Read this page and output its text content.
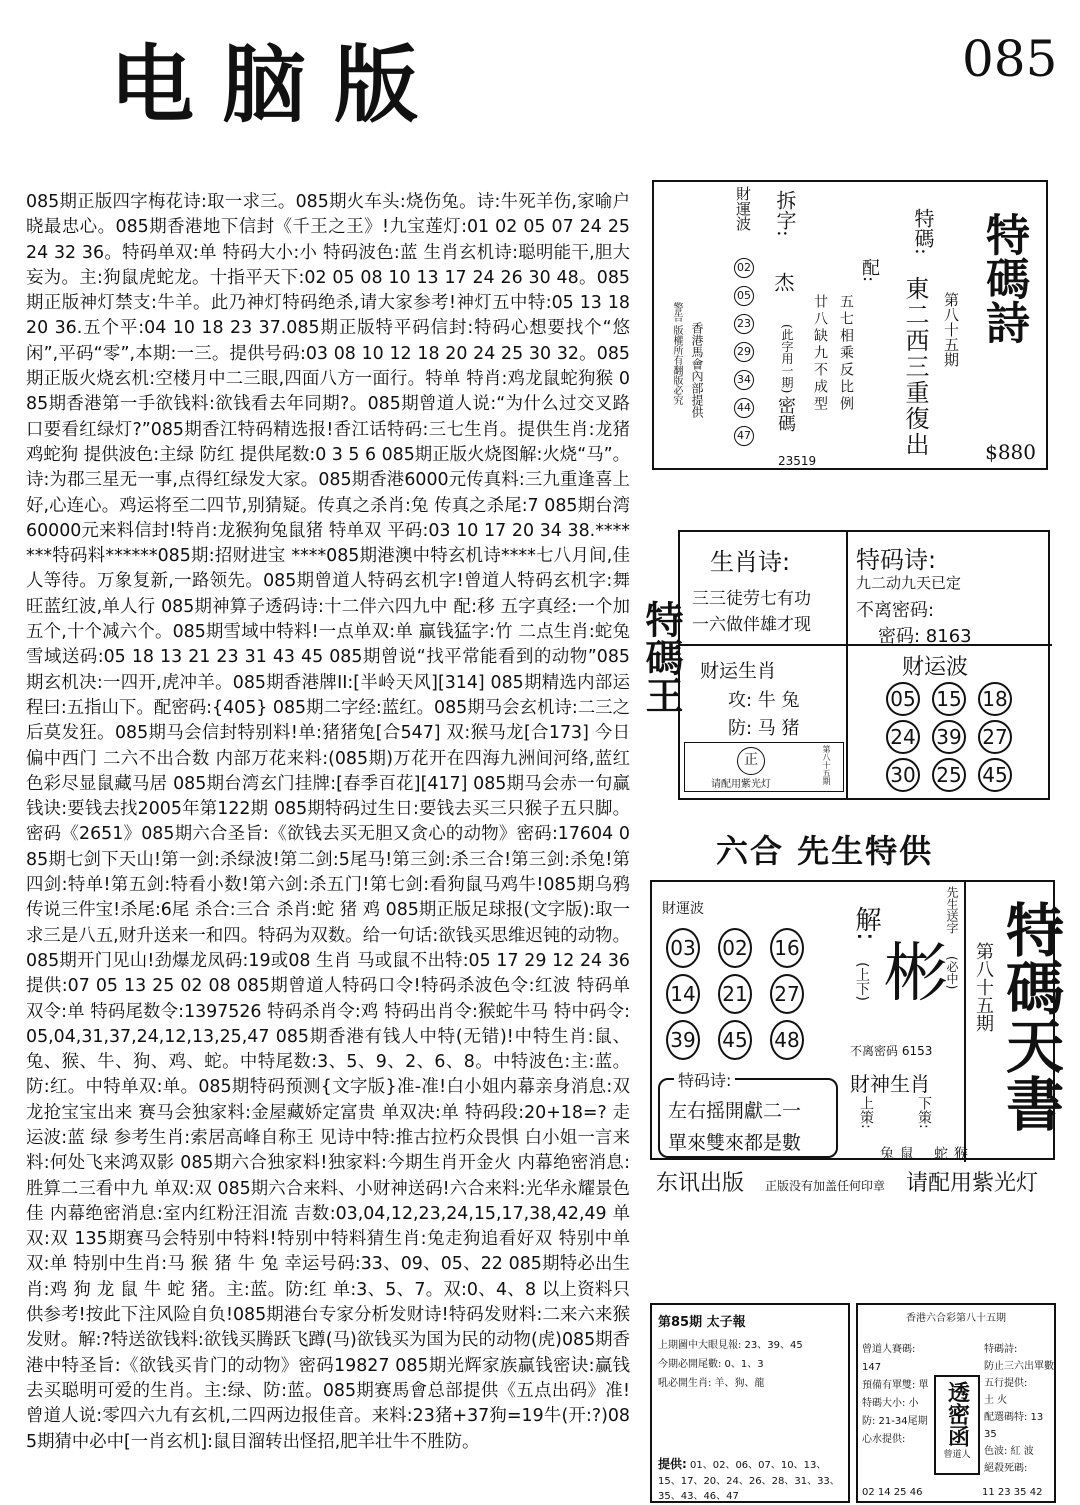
电脑版	085
085期正版四字梅花诗:取一求三。085期火车头:烧伤兔。诗:牛死羊伤,家喻户晓最忠心。085期香港地下信封《千王之王》!九宝莲灯:01 02 05 07 24 25 24 32 36。特码单双:单 特码大小:小 特码波色:蓝 生肖玄机诗:聪明能干,胆大妄为。主:狗鼠虎蛇龙。十指平天下:02 05 08 10 13 17 24 26 30 48。085期正版神灯禁支:牛羊。此乃神灯特码绝杀,请大家参考!神灯五中特:05 13 18 20 36.五个平:04 10 18 23 37.085期正版特平码信封:特码心想要找个“悠闲”,平码“零”,本期:一三。提供号码:03 08 10 12 18 20 24 25 30 32。085期正版火烧玄机:空楼月中二三眼,四面八方一面行。特单 特肖:鸡龙鼠蛇狗猴 085期香港第一手欲钱料:欲钱看去年同期?。085期曾道人说:“为什么过交叉路口要看红绿灯?”085期香江特码精选报!香江话特码:三七生肖。提供生肖:龙猪鸡蛇狗 提供波色:主绿 防红 提供尾数:0 3 5 6 085期正版火烧图解:火烧“马”。诗:为郡三星无一事,点得红绿发大家。085期香港6000元传真料:三九重逢喜上好,心连心。鸡运将至二四节,别猜疑。传真之杀肖:兔 传真之杀尾:7 085期台湾60000元来料信封!特肖:龙猴狗兔鼠猪 特单双 平码:03 10 17 20 34 38.*******特码料******085期:招财进宝 ****085期港澳中特玄机诗****七八月间,佳人等待。万象复新,一路领先。085期曾道人特码玄机字!曾道人特码玄机字:舞 旺蓝红波,单人行 085期神算子透码诗:十二伴六四九中 配:移 五字真经:一个加五个,十个减六个。085期雪域中特料!一点单双:单 赢钱猛字:竹 二点生肖:蛇兔 雪域送码:05 18 13 21 23 31 43 45 085期曾说“找平常能看到的动物”085期玄机决:一四开,虎冲羊。085期香港牌II:[半岭天风][314] 085期精选内部运程曰:五指山下。配密码:{405} 085期二字经:蓝红。085期马会玄机诗:二三之后莫发狂。085期马会信封特别料!单:猪猪兔[合547] 双:猴马龙[合173] 今日偏中西门 二六不出合数 内部万花来料:(085期)万花开在四海九洲间河络,蓝红色彩尽显鼠藏马居 085期台湾玄门挂牌:[春季百花][417] 085期马会赤一句赢钱诀:要钱去找2005年第122期 085期特码过生日:要钱去买三只猴子五只脚。密码《2651》085期六合圣旨:《欲钱去买无胆又贪心的动物》密码:17604 085期七剑下天山!第一剑:杀绿波!第二剑:5尾马!第三剑:杀三合!第三剑:杀兔!第四剑:特单!第五剑:特看小数!第六剑:杀五门!第七剑:看狗鼠马鸡牛!085期乌鸦传说三件宝!杀尾:6尾 杀合:三合 杀肖:蛇 猪 鸡 085期正版足球报(文字版):取一求三是八五,财升送来一和四。特码为双数。给一句话:欲钱买思维迟钝的动物。085期开门见山!劲爆龙凤码:19或08 生肖 马或鼠不出特:05 17 29 12 24 36 提供:07 05 13 25 02 08 085期曾道人特码口令!特码杀波色令:红波 特码单双令:单 特码尾数令:1397526 特码杀肖令:鸡 特码出肖令:猴蛇牛马 特中码令:05,04,31,37,24,12,13,25,47 085期香港有钱人中特(无错)!中特生肖:鼠、兔、猴、牛、狗、鸡、蛇。中特尾数:3、5、9、2、6、8。中特波色:主:蓝。防:红。中特单双:单。085期特码预测{文字版}准-准!白小姐内幕亲身消息:双龙抢宝宝出来 赛马会独家料:金屋藏娇定富贵 单双决:单 特码段:20+18=? 走运波:蓝 绿 参考生肖:索居高峰自称王 见诗中特:推古拉朽众畏惧 白小姐一言来料:何处飞来鸿双影 085期六合独家料!独家料:今期生肖开金火 内幕绝密消息:胜算二三看中九 单双:双 085期六合来料、小财神送码!六合来料:光华永耀景色佳 内幕绝密消息:室内红粉汪泪流 吉数:03,04,12,23,24,15,17,38,42,49 单双:双 135期赛马会特别中特料!特别中特料猜生肖:兔走狗追看好双 特别中单双:单 特别中生肖:马 猴 猪 牛 兔 幸运号码:33、09、05、22 085期特必出生肖:鸡 狗 龙 鼠 牛 蛇 猪。主:蓝。防:红 单:3、5、7。双:0、4、8 以上资料只供参考!按此下注风险自负!085期港台专家分析发财诗!特码发财料:二来六来猴发财。解:?特送欲钱料:欲钱买腾跃飞蹲(马)欲钱买为国为民的动物(虎)085期香港中特圣旨:《欲钱买肯门的动物》密码19827 085期光辉家族赢钱密诀:赢钱去买聪明可爱的生肖。主:绿、防:蓝。085期赛馬會总部提供《五点出码》准!曾道人说:零四六九有玄机,二四两边报佳音。来料:23猪+37狗=19牛(开:?)085期猜中必中[一肖玄机]:鼠目溜转出怪招,肥羊壮牛不胜防。
特碼詩
$880
第八十五期
特碼:
東二西三重復出
配:
五七相乘反比例
廿八缺九不成型
拆字:
杰
(此字用一期)
密碼
財運波
02052329344447
香港馬會內部提供
警告 版權所有翻版必究
23519
特碼王
生肖诗:
三三徒劳七有功
一六做伴雄才现
特码诗:
九二动九天已定
不离密码:
密码: 8163
财运生肖
攻: 牛 兔
防: 马 猪
正
请配用紫光灯	第八十五期
财运波
05 15 18
24 39 27
30 25 45
六合 先生特供
財運波
03 02 16
14 21 27
39 45 48
解:
(上下) 彬
先生送字
(必中)
不离密码 6153 特碼天書
第八十五期
特码诗:
左右摇開獻二一
單來雙來都是數
財神生肖
上策:
鼠 兔
下策:
猴 蛇
东讯出版 正版没有加盖任何印章 请配用紫光灯
第85期 太子報
上期圖中大眼見報: 23、39、45
今期必開尾數: 0、1、3
吼必開生肖: 羊、狗、龍
提供: 01、02、06、07、10、13、15、17、20、24、26、28、31、33、35、43、46、47
香港六合彩第八十五期
曾道人賽碼: 147
預備有單雙: 單
特碼大小: 小
防: 21-34尾期
心水提供:	透密函
曾道人
特碼詩:
防止三六出單數
五行提供:
土 火
配選碼特: 13 35
色波: 紅 波
絕殺死碼:
02 14 25 46	11 23 35 42
